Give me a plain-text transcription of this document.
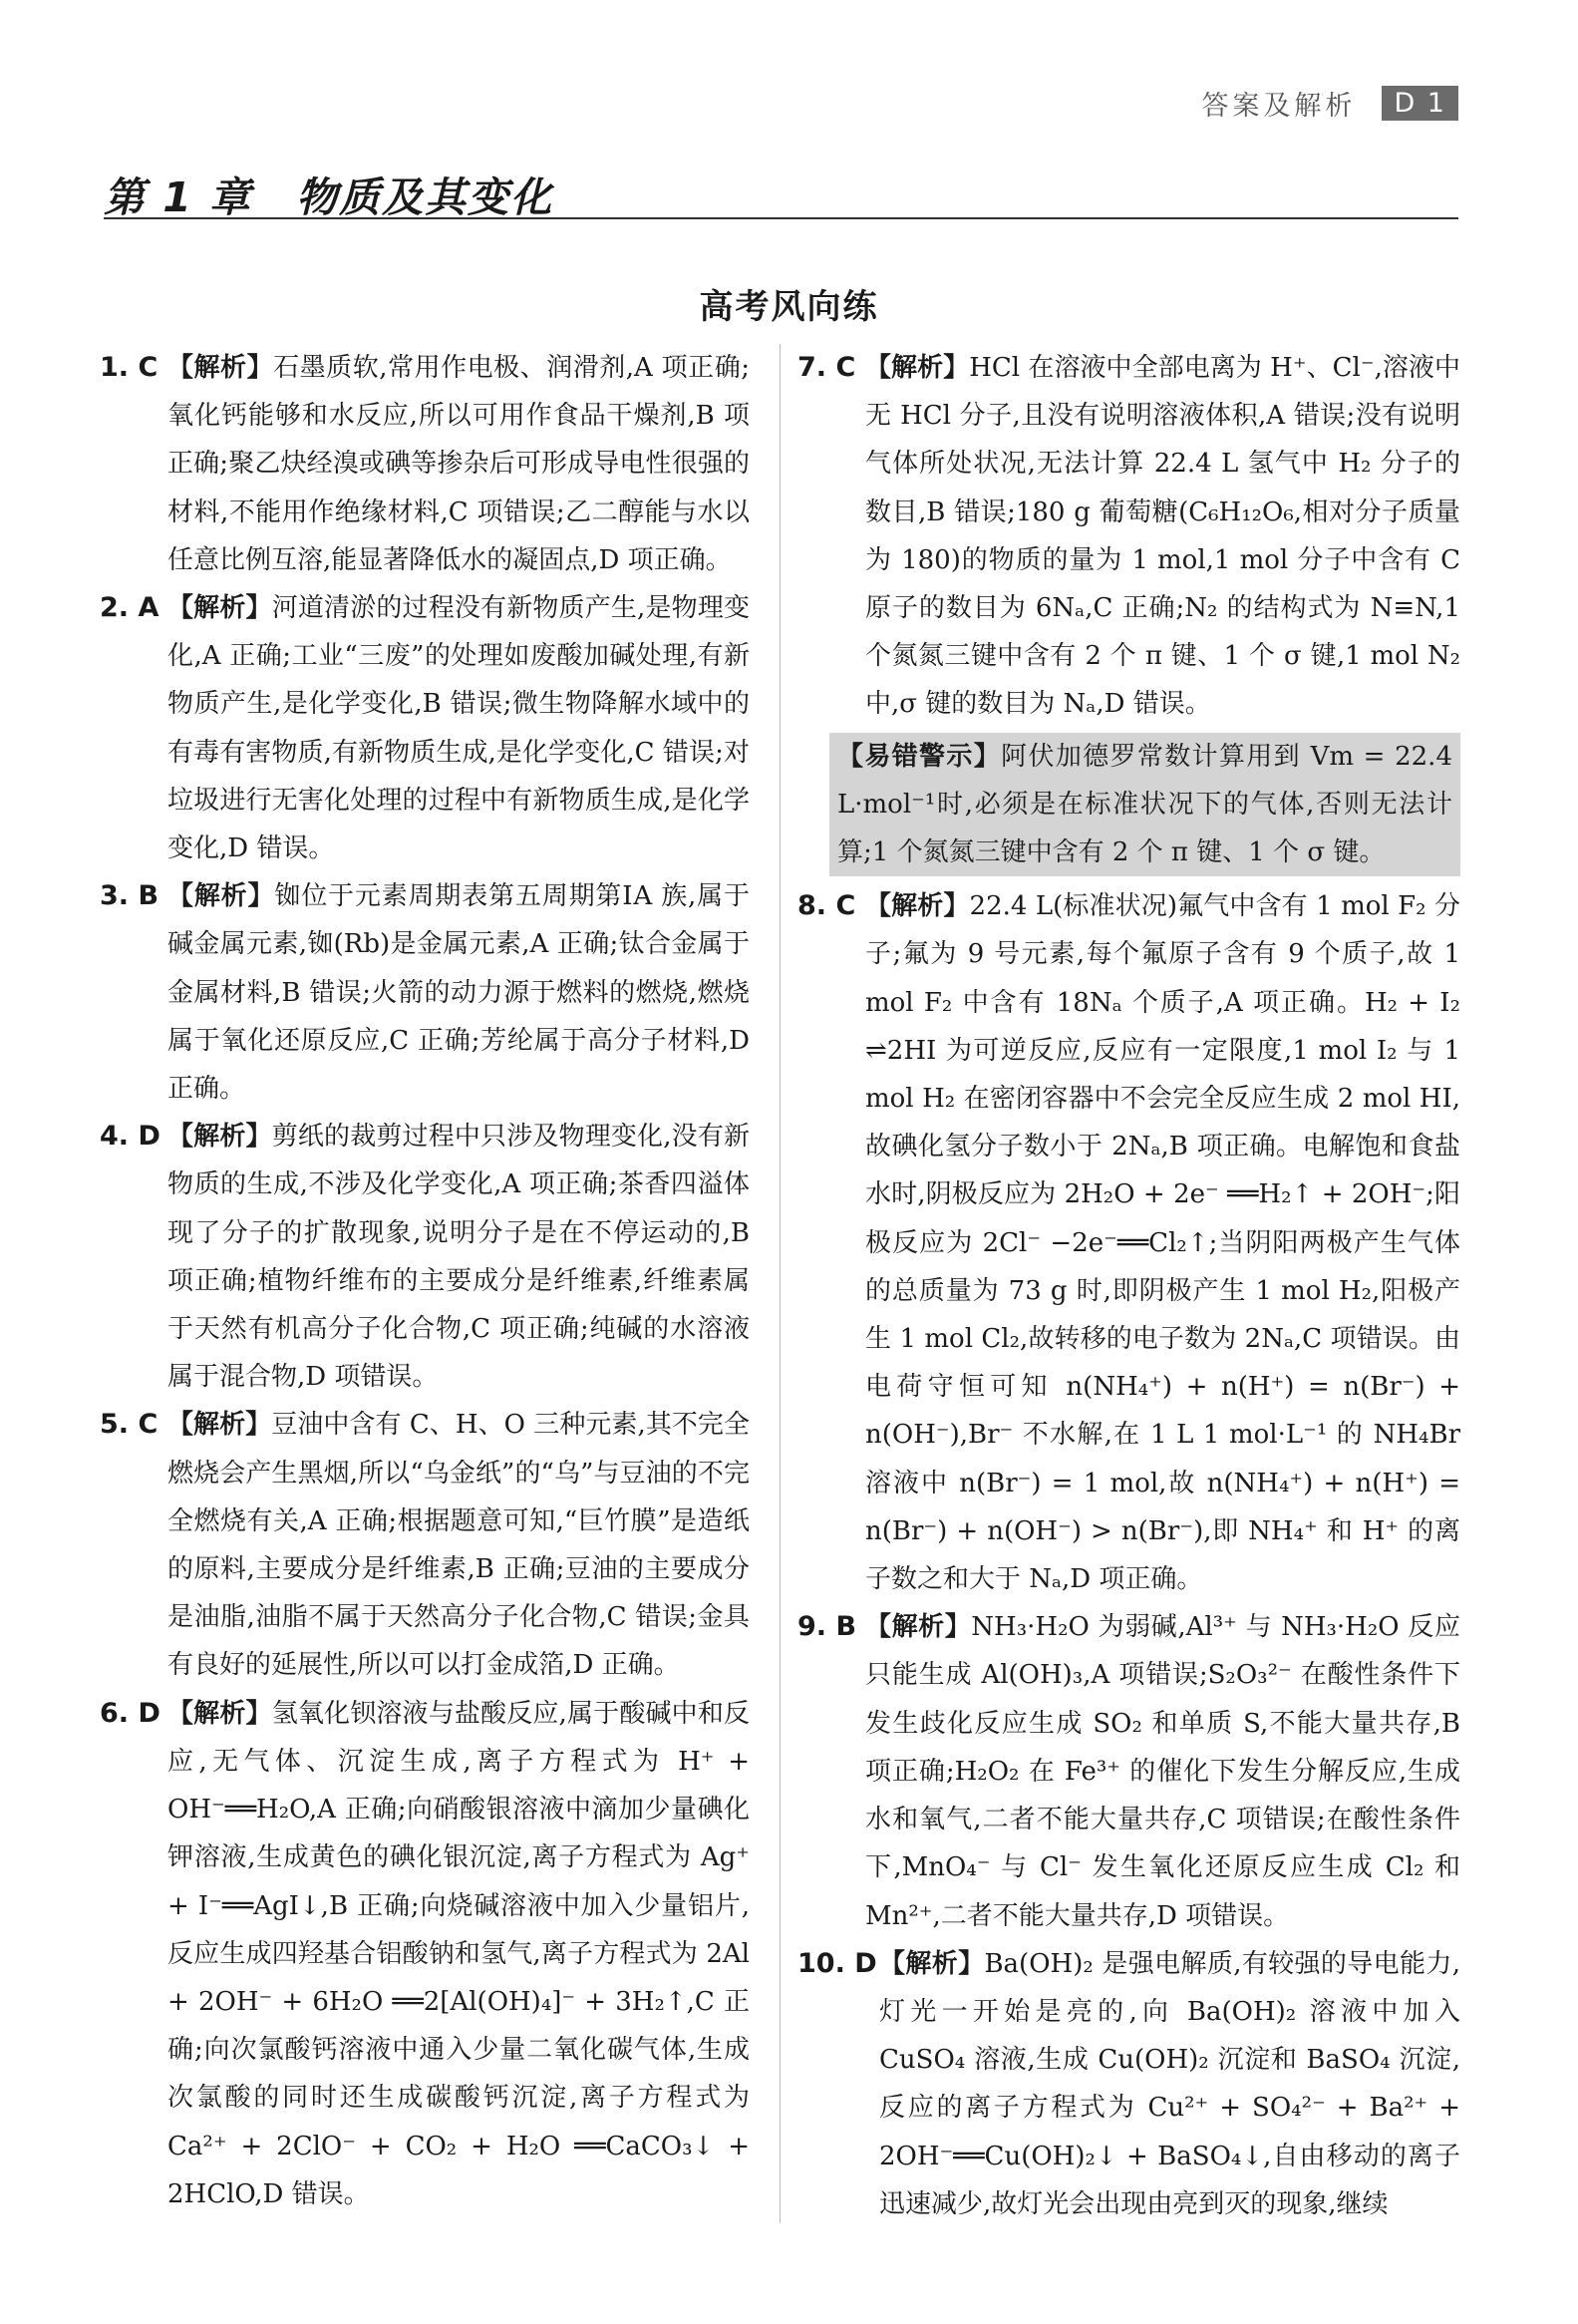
答案及解析	D 1
第 1 章 物质及其变化
高考风向练
1. C 【解析】石墨质软,常用作电极、润滑剂,A 项正确;氧化钙能够和水反应,所以可用作食品干燥剂,B 项正确;聚乙炔经溴或碘等掺杂后可形成导电性很强的材料,不能用作绝缘材料,C 项错误;乙二醇能与水以任意比例互溶,能显著降低水的凝固点,D 项正确。
2. A 【解析】河道清淤的过程没有新物质产生,是物理变化,A 正确;工业“三废”的处理如废酸加碱处理,有新物质产生,是化学变化,B 错误;微生物降解水域中的有毒有害物质,有新物质生成,是化学变化,C 错误;对垃圾进行无害化处理的过程中有新物质生成,是化学变化,D 错误。
3. B 【解析】铷位于元素周期表第五周期第ⅠA 族,属于碱金属元素,铷(Rb)是金属元素,A 正确;钛合金属于金属材料,B 错误;火箭的动力源于燃料的燃烧,燃烧属于氧化还原反应,C 正确;芳纶属于高分子材料,D 正确。
4. D 【解析】剪纸的裁剪过程中只涉及物理变化,没有新物质的生成,不涉及化学变化,A 项正确;茶香四溢体现了分子的扩散现象,说明分子是在不停运动的,B 项正确;植物纤维布的主要成分是纤维素,纤维素属于天然有机高分子化合物,C 项正确;纯碱的水溶液属于混合物,D 项错误。
5. C 【解析】豆油中含有 C、H、O 三种元素,其不完全燃烧会产生黑烟,所以“乌金纸”的“乌”与豆油的不完全燃烧有关,A 正确;根据题意可知,“巨竹膜”是造纸的原料,主要成分是纤维素,B 正确;豆油的主要成分是油脂,油脂不属于天然高分子化合物,C 错误;金具有良好的延展性,所以可以打金成箔,D 正确。
6. D 【解析】氢氧化钡溶液与盐酸反应,属于酸碱中和反应,无气体、沉淀生成,离子方程式为 H⁺ + OH⁻══H₂O,A 正确;向硝酸银溶液中滴加少量碘化钾溶液,生成黄色的碘化银沉淀,离子方程式为 Ag⁺ + I⁻══AgI↓,B 正确;向烧碱溶液中加入少量铝片,反应生成四羟基合铝酸钠和氢气,离子方程式为 2Al + 2OH⁻ + 6H₂O ══2[Al(OH)₄]⁻ + 3H₂↑,C 正确;向次氯酸钙溶液中通入少量二氧化碳气体,生成次氯酸的同时还生成碳酸钙沉淀,离子方程式为 Ca²⁺ + 2ClO⁻ + CO₂ + H₂O ══CaCO₃↓ + 2HClO,D 错误。
7. C 【解析】HCl 在溶液中全部电离为 H⁺、Cl⁻,溶液中无 HCl 分子,且没有说明溶液体积,A 错误;没有说明气体所处状况,无法计算 22.4 L 氢气中 H₂ 分子的数目,B 错误;180 g 葡萄糖(C₆H₁₂O₆,相对分子质量为 180)的物质的量为 1 mol,1 mol 分子中含有 C 原子的数目为 6Nₐ,C 正确;N₂ 的结构式为 N≡N,1 个氮氮三键中含有 2 个 π 键、1 个 σ 键,1 mol N₂ 中,σ 键的数目为 Nₐ,D 错误。
【易错警示】阿伏加德罗常数计算用到 Vm = 22.4 L·mol⁻¹时,必须是在标准状况下的气体,否则无法计算;1 个氮氮三键中含有 2 个 π 键、1 个 σ 键。
8. C 【解析】22.4 L(标准状况)氟气中含有 1 mol F₂ 分子;氟为 9 号元素,每个氟原子含有 9 个质子,故 1 mol F₂ 中含有 18Nₐ 个质子,A 项正确。H₂ + I₂ ⇌2HI 为可逆反应,反应有一定限度,1 mol I₂ 与 1 mol H₂ 在密闭容器中不会完全反应生成 2 mol HI,故碘化氢分子数小于 2Nₐ,B 项正确。电解饱和食盐水时,阴极反应为 2H₂O + 2e⁻ ══H₂↑ + 2OH⁻;阳极反应为 2Cl⁻ −2e⁻══Cl₂↑;当阴阳两极产生气体的总质量为 73 g 时,即阴极产生 1 mol H₂,阳极产生 1 mol Cl₂,故转移的电子数为 2Nₐ,C 项错误。由电荷守恒可知 n(NH₄⁺) + n(H⁺) = n(Br⁻) + n(OH⁻),Br⁻ 不水解,在 1 L 1 mol·L⁻¹ 的 NH₄Br 溶液中 n(Br⁻) = 1 mol,故 n(NH₄⁺) + n(H⁺) = n(Br⁻) + n(OH⁻) > n(Br⁻),即 NH₄⁺ 和 H⁺ 的离子数之和大于 Nₐ,D 项正确。
9. B 【解析】NH₃·H₂O 为弱碱,Al³⁺ 与 NH₃·H₂O 反应只能生成 Al(OH)₃,A 项错误;S₂O₃²⁻ 在酸性条件下发生歧化反应生成 SO₂ 和单质 S,不能大量共存,B 项正确;H₂O₂ 在 Fe³⁺ 的催化下发生分解反应,生成水和氧气,二者不能大量共存,C 项错误;在酸性条件下,MnO₄⁻ 与 Cl⁻ 发生氧化还原反应生成 Cl₂ 和 Mn²⁺,二者不能大量共存,D 项错误。
10. D 【解析】Ba(OH)₂ 是强电解质,有较强的导电能力,灯光一开始是亮的,向 Ba(OH)₂ 溶液中加入 CuSO₄ 溶液,生成 Cu(OH)₂ 沉淀和 BaSO₄ 沉淀,反应的离子方程式为 Cu²⁺ + SO₄²⁻ + Ba²⁺ + 2OH⁻══Cu(OH)₂↓ + BaSO₄↓,自由移动的离子迅速减少,故灯光会出现由亮到灭的现象,继续
